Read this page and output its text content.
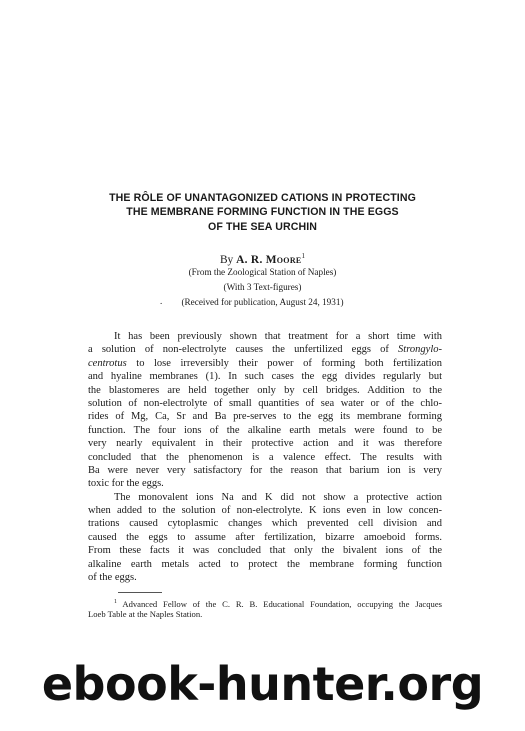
THE RÔLE OF UNANTAGONIZED CATIONS IN PROTECTING
THE MEMBRANE FORMING FUNCTION IN THE EGGS
OF THE SEA URCHIN
By A. R. Moore$^1$
(From the Zoological Station of Naples)
(With 3 Text-figures)
.	(Received for publication, August 24, 1931)
It has been previously shown that treatment for a short time with
a solution of non-electrolyte causes the unfertilized eggs of Strongylo-
centrotus to lose irreversibly their power of forming both fertilization
and hyaline membranes (1). In such cases the egg divides regularly but
the blastomeres are held together only by cell bridges. Addition to the
solution of non-electrolyte of small quantities of sea water or of the chlo-
rides of Mg, Ca, Sr and Ba pre-serves to the egg its membrane forming
function. The four ions of the alkaline earth metals were found to be
very nearly equivalent in their protective action and it was therefore
concluded that the phenomenon is a valence effect. The results with
Ba were never very satisfactory for the reason that barium ion is very
toxic for the eggs.
The monovalent ions Na and K did not show a protective action
when added to the solution of non-electrolyte. K ions even in low concen-
trations caused cytoplasmic changes which prevented cell division and
caused the eggs to assume after fertilization, bizarre amoeboid forms.
From these facts it was concluded that only the bivalent ions of the
alkaline earth metals acted to protect the membrane forming function
of the eggs.
$^1$ Advanced Fellow of the C. R. B. Educational Foundation, occupying the Jacques
Loeb Table at the Naples Station.
ebook-hunter.org
